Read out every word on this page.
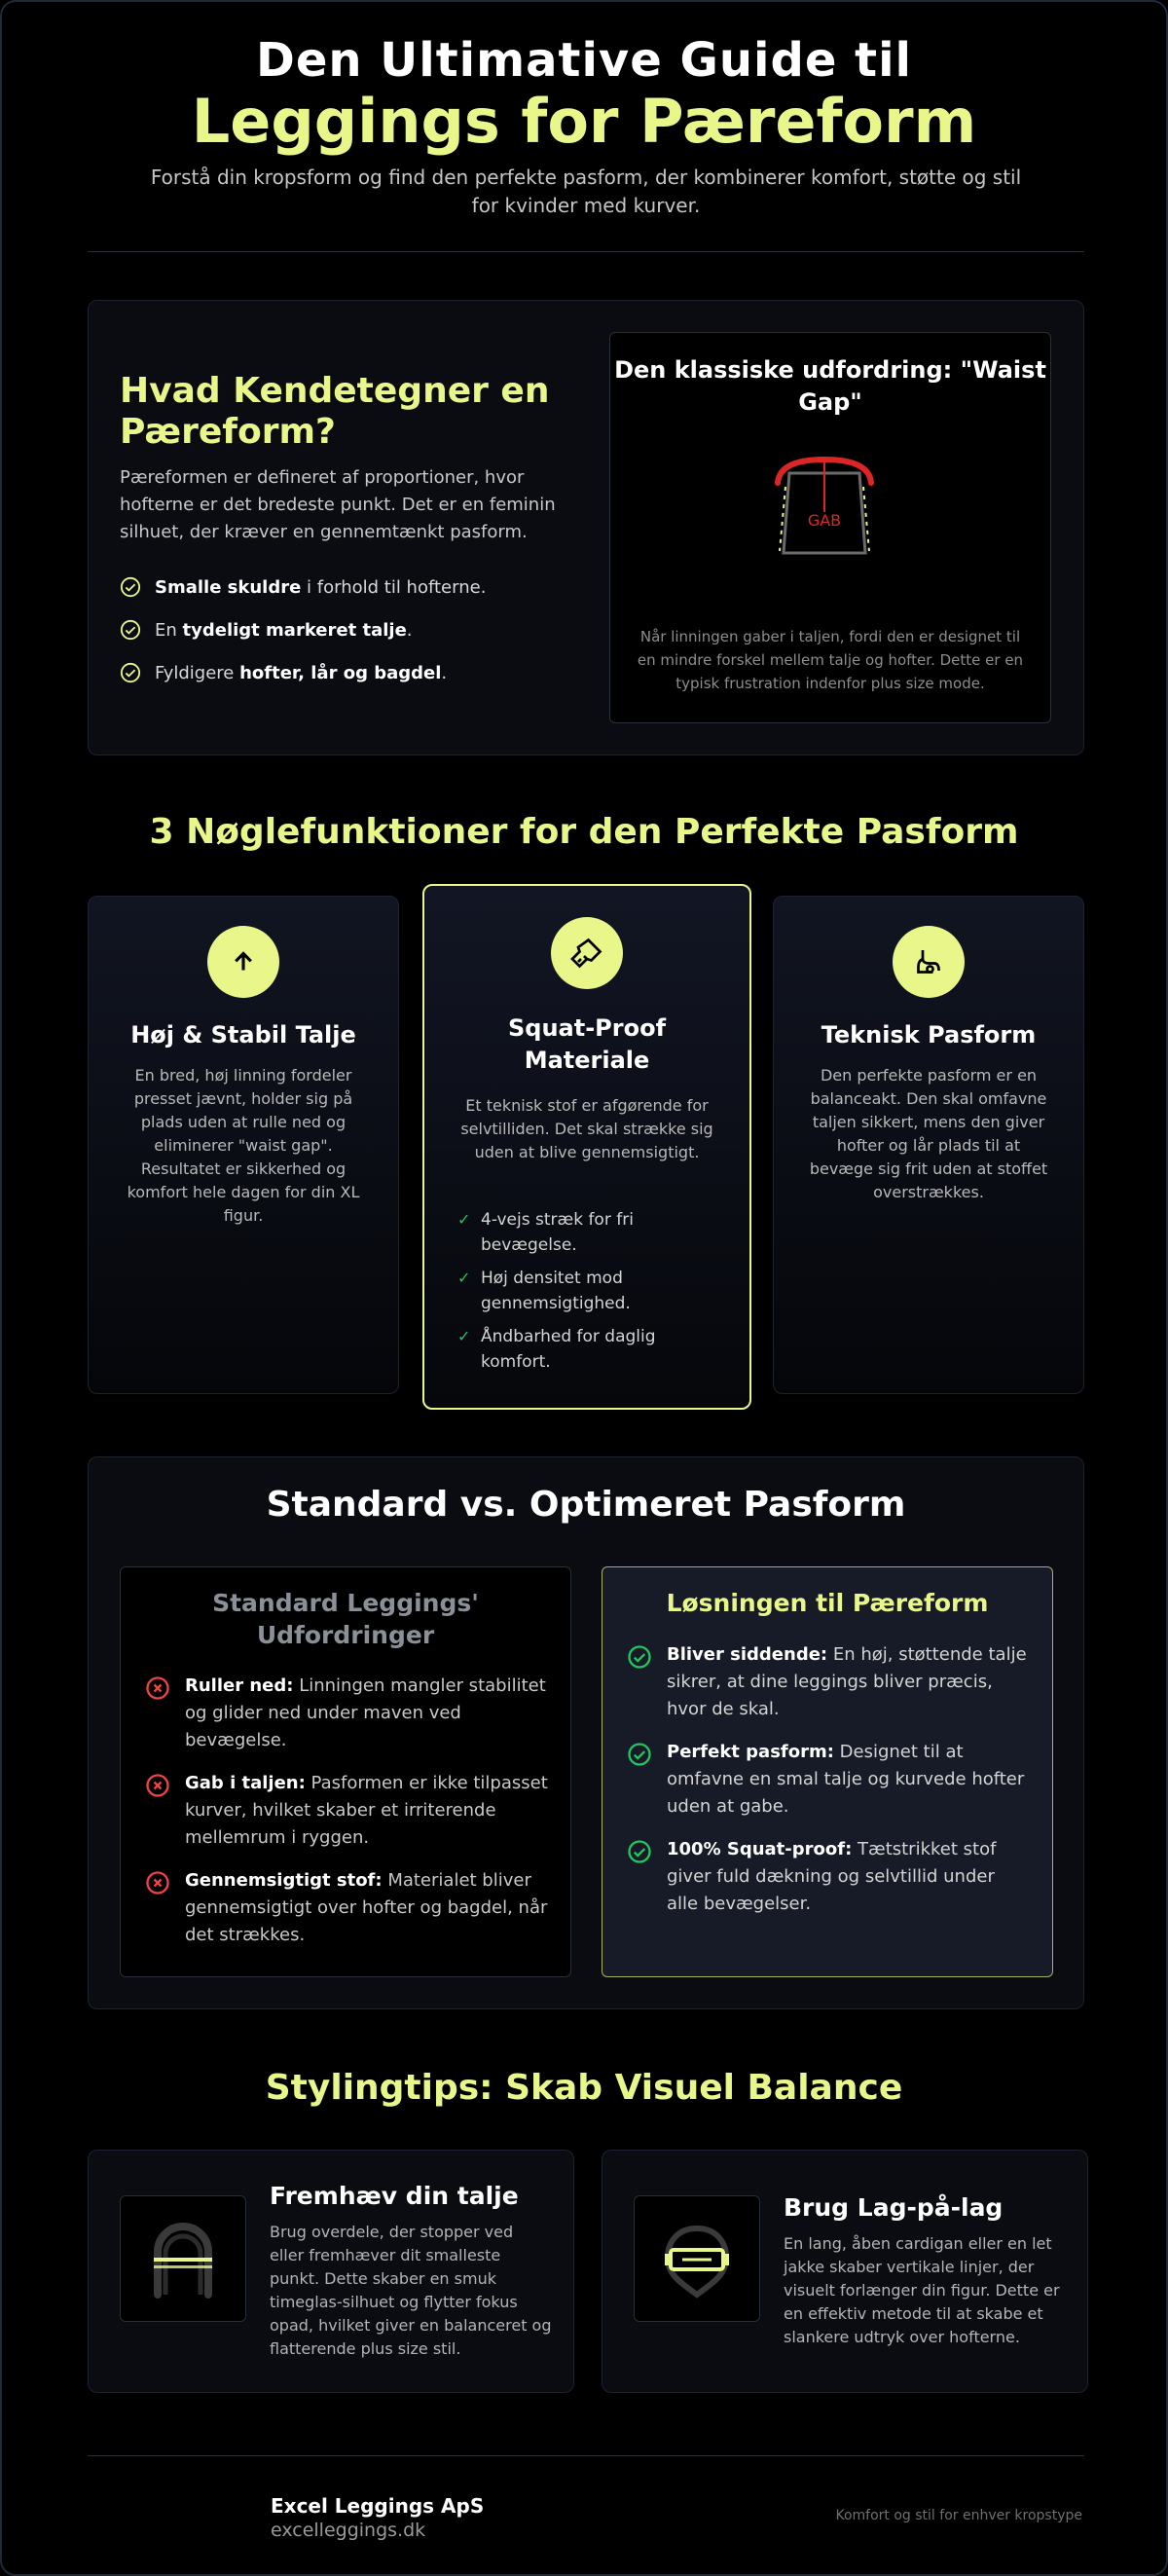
Den Ultimative Guide til
Leggings for Pæreform
Forstå din kropsform og find den perfekte pasform, der kombinerer komfort, støtte og stil for kvinder med kurver.
Hvad Kendetegner en Pæreform?
Pæreformen er defineret af proportioner, hvor hofterne er det bredeste punkt. Det er en feminin silhuet, der kræver en gennemtænkt pasform.
Smalle skuldre i forhold til hofterne.
En tydeligt markeret talje.
Fyldigere hofter, lår og bagdel.
Den klassiske udfordring: "Waist Gap"
GAB
Når linningen gaber i taljen, fordi den er designet til en mindre forskel mellem talje og hofter. Dette er en typisk frustration indenfor plus size mode.
3 Nøglefunktioner for den Perfekte Pasform
Høj & Stabil Talje
En bred, høj linning fordeler presset jævnt, holder sig på plads uden at rulle ned og eliminerer "waist gap". Resultatet er sikkerhed og komfort hele dagen for din XL figur.
Squat-Proof Materiale
Et teknisk stof er afgørende for selvtilliden. Det skal strække sig uden at blive gennemsigtigt.
✓ 4-vejs stræk for fri bevægelse.
✓ Høj densitet mod gennemsigtighed.
✓ Åndbarhed for daglig komfort.
Teknisk Pasform
Den perfekte pasform er en balanceakt. Den skal omfavne taljen sikkert, mens den giver hofter og lår plads til at bevæge sig frit uden at stoffet overstrækkes.
Standard vs. Optimeret Pasform
Standard Leggings' Udfordringer
Ruller ned: Linningen mangler stabilitet og glider ned under maven ved bevægelse.
Gab i taljen: Pasformen er ikke tilpasset kurver, hvilket skaber et irriterende mellemrum i ryggen.
Gennemsigtigt stof: Materialet bliver gennemsigtigt over hofter og bagdel, når det strækkes.
Løsningen til Pæreform
Bliver siddende: En høj, støttende talje sikrer, at dine leggings bliver præcis, hvor de skal.
Perfekt pasform: Designet til at omfavne en smal talje og kurvede hofter uden at gabe.
100% Squat-proof: Tætstrikket stof giver fuld dækning og selvtillid under alle bevægelser.
Stylingtips: Skab Visuel Balance
Fremhæv din talje
Brug overdele, der stopper ved eller fremhæver dit smalleste punkt. Dette skaber en smuk timeglas-silhuet og flytter fokus opad, hvilket giver en balanceret og flatterende plus size stil.
Brug Lag-på-lag
En lang, åben cardigan eller en let jakke skaber vertikale linjer, der visuelt forlænger din figur. Dette er en effektiv metode til at skabe et slankere udtryk over hofterne.
Excel Leggings ApS
excelleggings.dk
Komfort og stil for enhver kropstype
